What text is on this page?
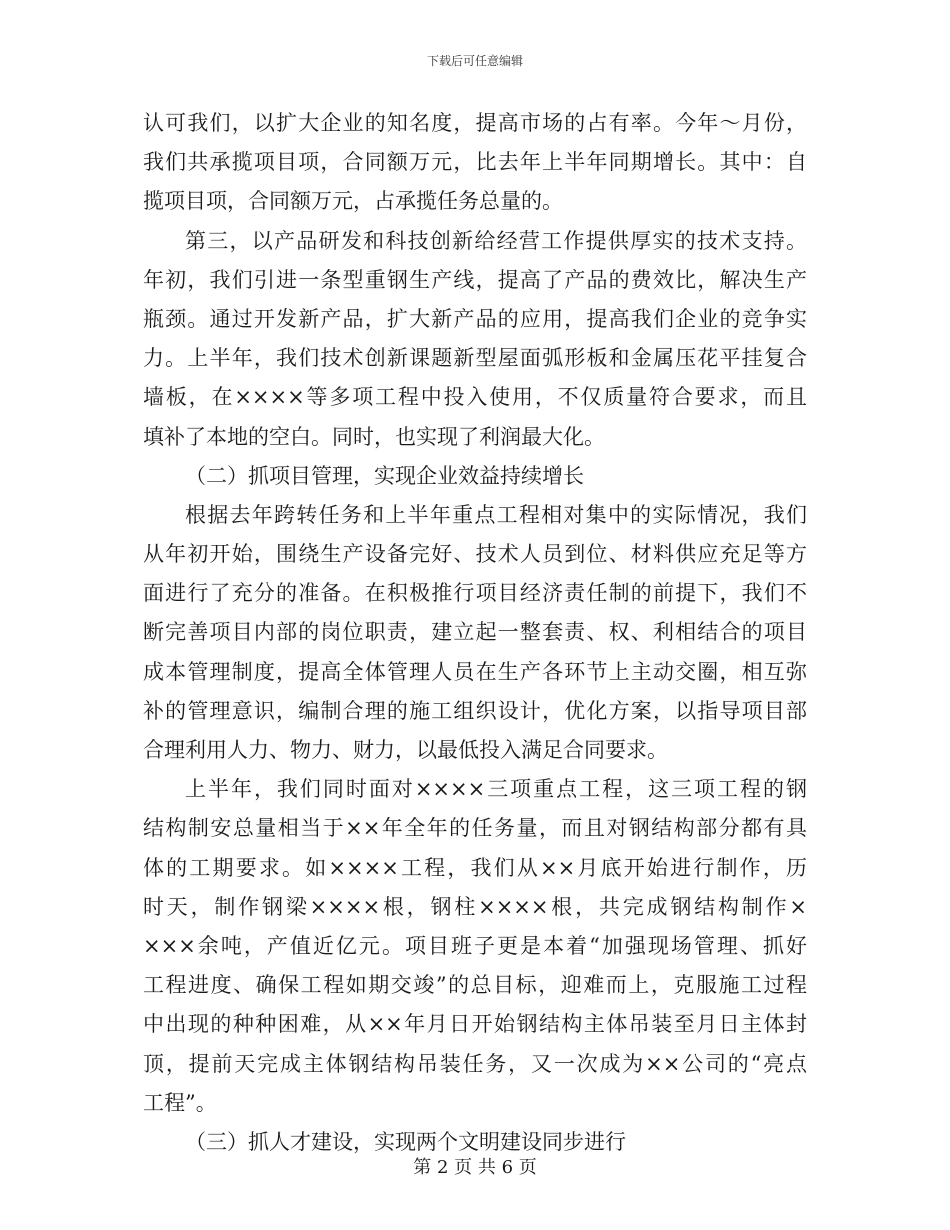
下载后可任意编辑
认可我们，以扩大企业的知名度，提高市场的占有率。今年～月份，
我们共承揽项目项，合同额万元，比去年上半年同期增长。其中：自
揽项目项，合同额万元，占承揽任务总量的。
第三，以产品研发和科技创新给经营工作提供厚实的技术支持。
年初，我们引进一条型重钢生产线，提高了产品的费效比，解决生产
瓶颈。通过开发新产品，扩大新产品的应用，提高我们企业的竞争实
力。上半年，我们技术创新课题新型屋面弧形板和金属压花平挂复合
墙板，在××××等多项工程中投入使用，不仅质量符合要求，而且
填补了本地的空白。同时，也实现了利润最大化。
（二）抓项目管理，实现企业效益持续增长
根据去年跨转任务和上半年重点工程相对集中的实际情况，我们
从年初开始，围绕生产设备完好、技术人员到位、材料供应充足等方
面进行了充分的准备。在积极推行项目经济责任制的前提下，我们不
断完善项目内部的岗位职责，建立起一整套责、权、利相结合的项目
成本管理制度，提高全体管理人员在生产各环节上主动交圈，相互弥
补的管理意识，编制合理的施工组织设计，优化方案，以指导项目部
合理利用人力、物力、财力，以最低投入满足合同要求。
上半年，我们同时面对××××三项重点工程，这三项工程的钢
结构制安总量相当于××年全年的任务量，而且对钢结构部分都有具
体的工期要求。如××××工程，我们从××月底开始进行制作，历
时天，制作钢梁××××根，钢柱××××根，共完成钢结构制作×
×××余吨，产值近亿元。项目班子更是本着“加强现场管理、抓好
工程进度、确保工程如期交竣”的总目标，迎难而上，克服施工过程
中出现的种种困难，从××年月日开始钢结构主体吊装至月日主体封
顶，提前天完成主体钢结构吊装任务，又一次成为××公司的“亮点
工程”。
（三）抓人才建设，实现两个文明建设同步进行
第 2 页 共 6 页
